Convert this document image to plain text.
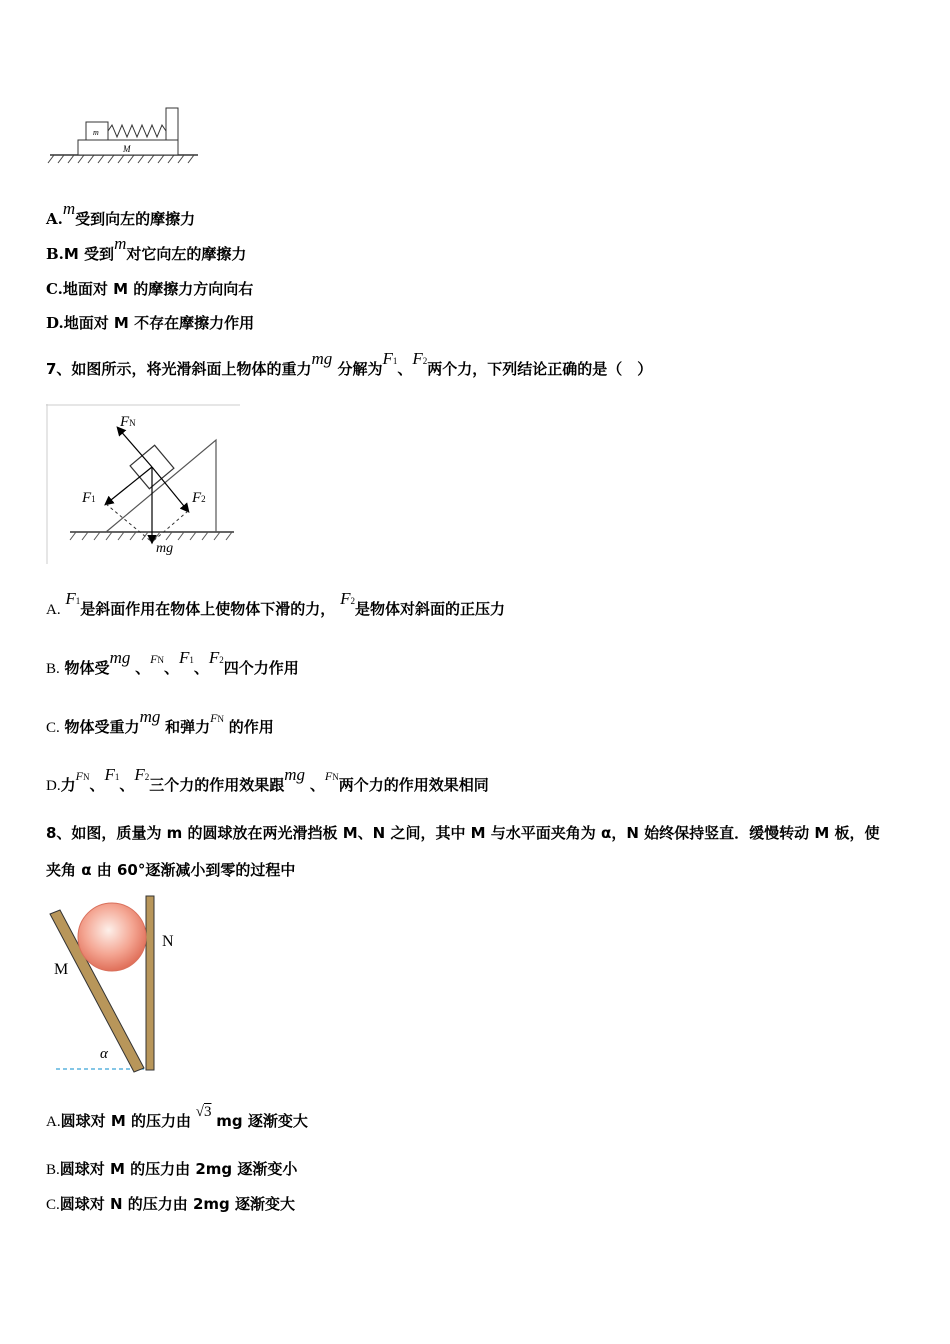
m
M
A.m受到向左的摩擦力
B.M 受到m对它向左的摩擦力
C.地面对 M 的摩擦力方向向右
D.地面对 M 不存在摩擦力作用
7、如图所示，将光滑斜面上物体的重力mg 分解为F1、F2两个力，下列结论正确的是（　）
FN
F1	F2
mg
A. F1是斜面作用在物体上使物体下滑的力， F2是物体对斜面的正压力
B. 物体受mg 、$^{FN}$、F1、F2四个力作用
C. 物体受重力mg 和弹力$^{FN}$ 的作用
D.力$^{FN}$、F1、F2三个力的作用效果跟mg 、$^{FN}$两个力的作用效果相同
8、如图，质量为 m 的圆球放在两光滑挡板 M、N 之间，其中 M 与水平面夹角为 α，N 始终保持竖直．缓慢转动 M 板，使
夹角 α 由 60°逐渐减小到零的过程中
M
N
α
A.圆球对 M 的压力由 √3 mg 逐渐变大
B.圆球对 M 的压力由 2mg 逐渐变小
C.圆球对 N 的压力由 2mg 逐渐变大
